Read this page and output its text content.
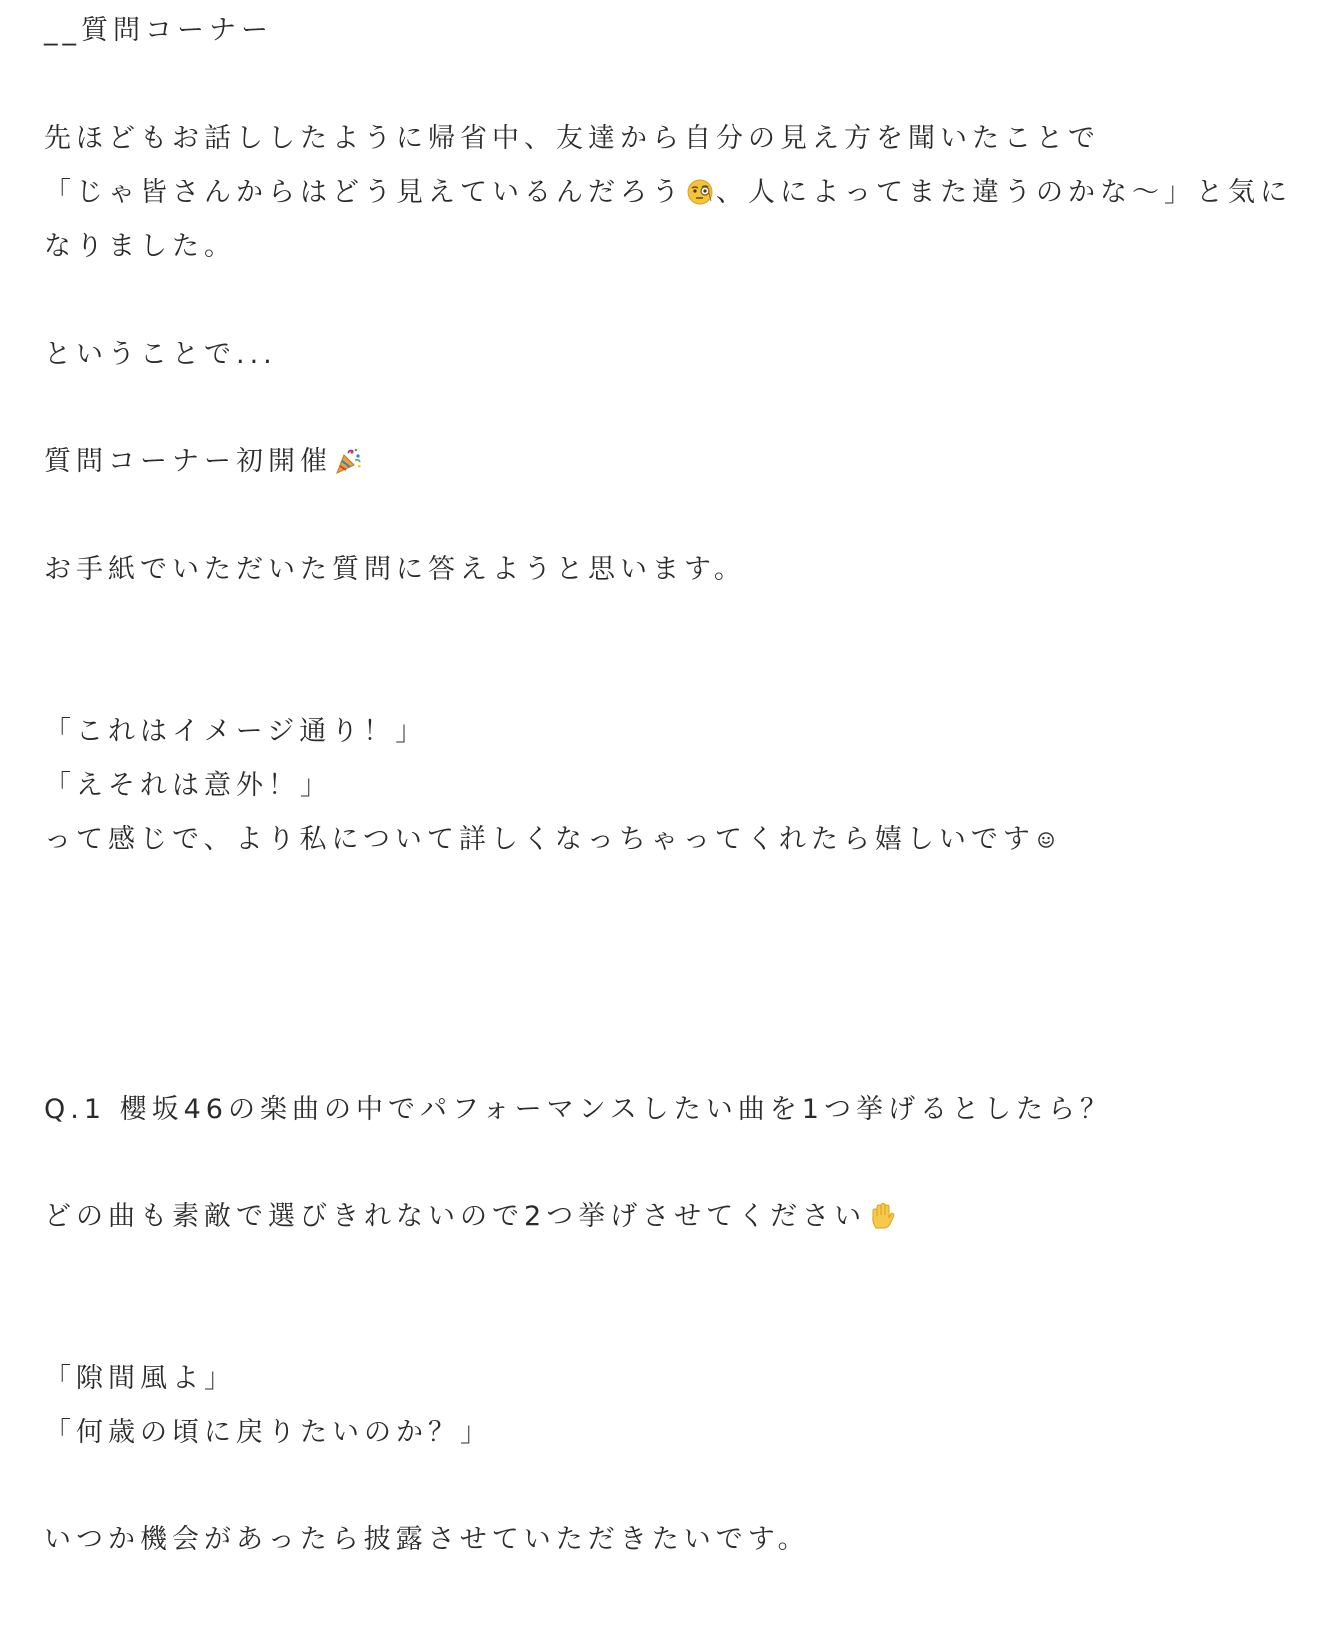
__質問コーナー
先ほどもお話ししたように帰省中、友達から自分の見え方を聞いたことで
「じゃ皆さんからはどう見えているんだろう 、人によってまた違うのかな〜」と気に
なりました。
ということで...
質問コーナー初開催
お手紙でいただいた質問に答えようと思います。
「これはイメージ通り！」
「えそれは意外！」
って感じで、より私について詳しくなっちゃってくれたら嬉しいです
Q.1 櫻坂46の楽曲の中でパフォーマンスしたい曲を1つ挙げるとしたら？
どの曲も素敵で選びきれないので2つ挙げさせてください
「隙間風よ」
「何歳の頃に戻りたいのか？」
いつか機会があったら披露させていただきたいです。
